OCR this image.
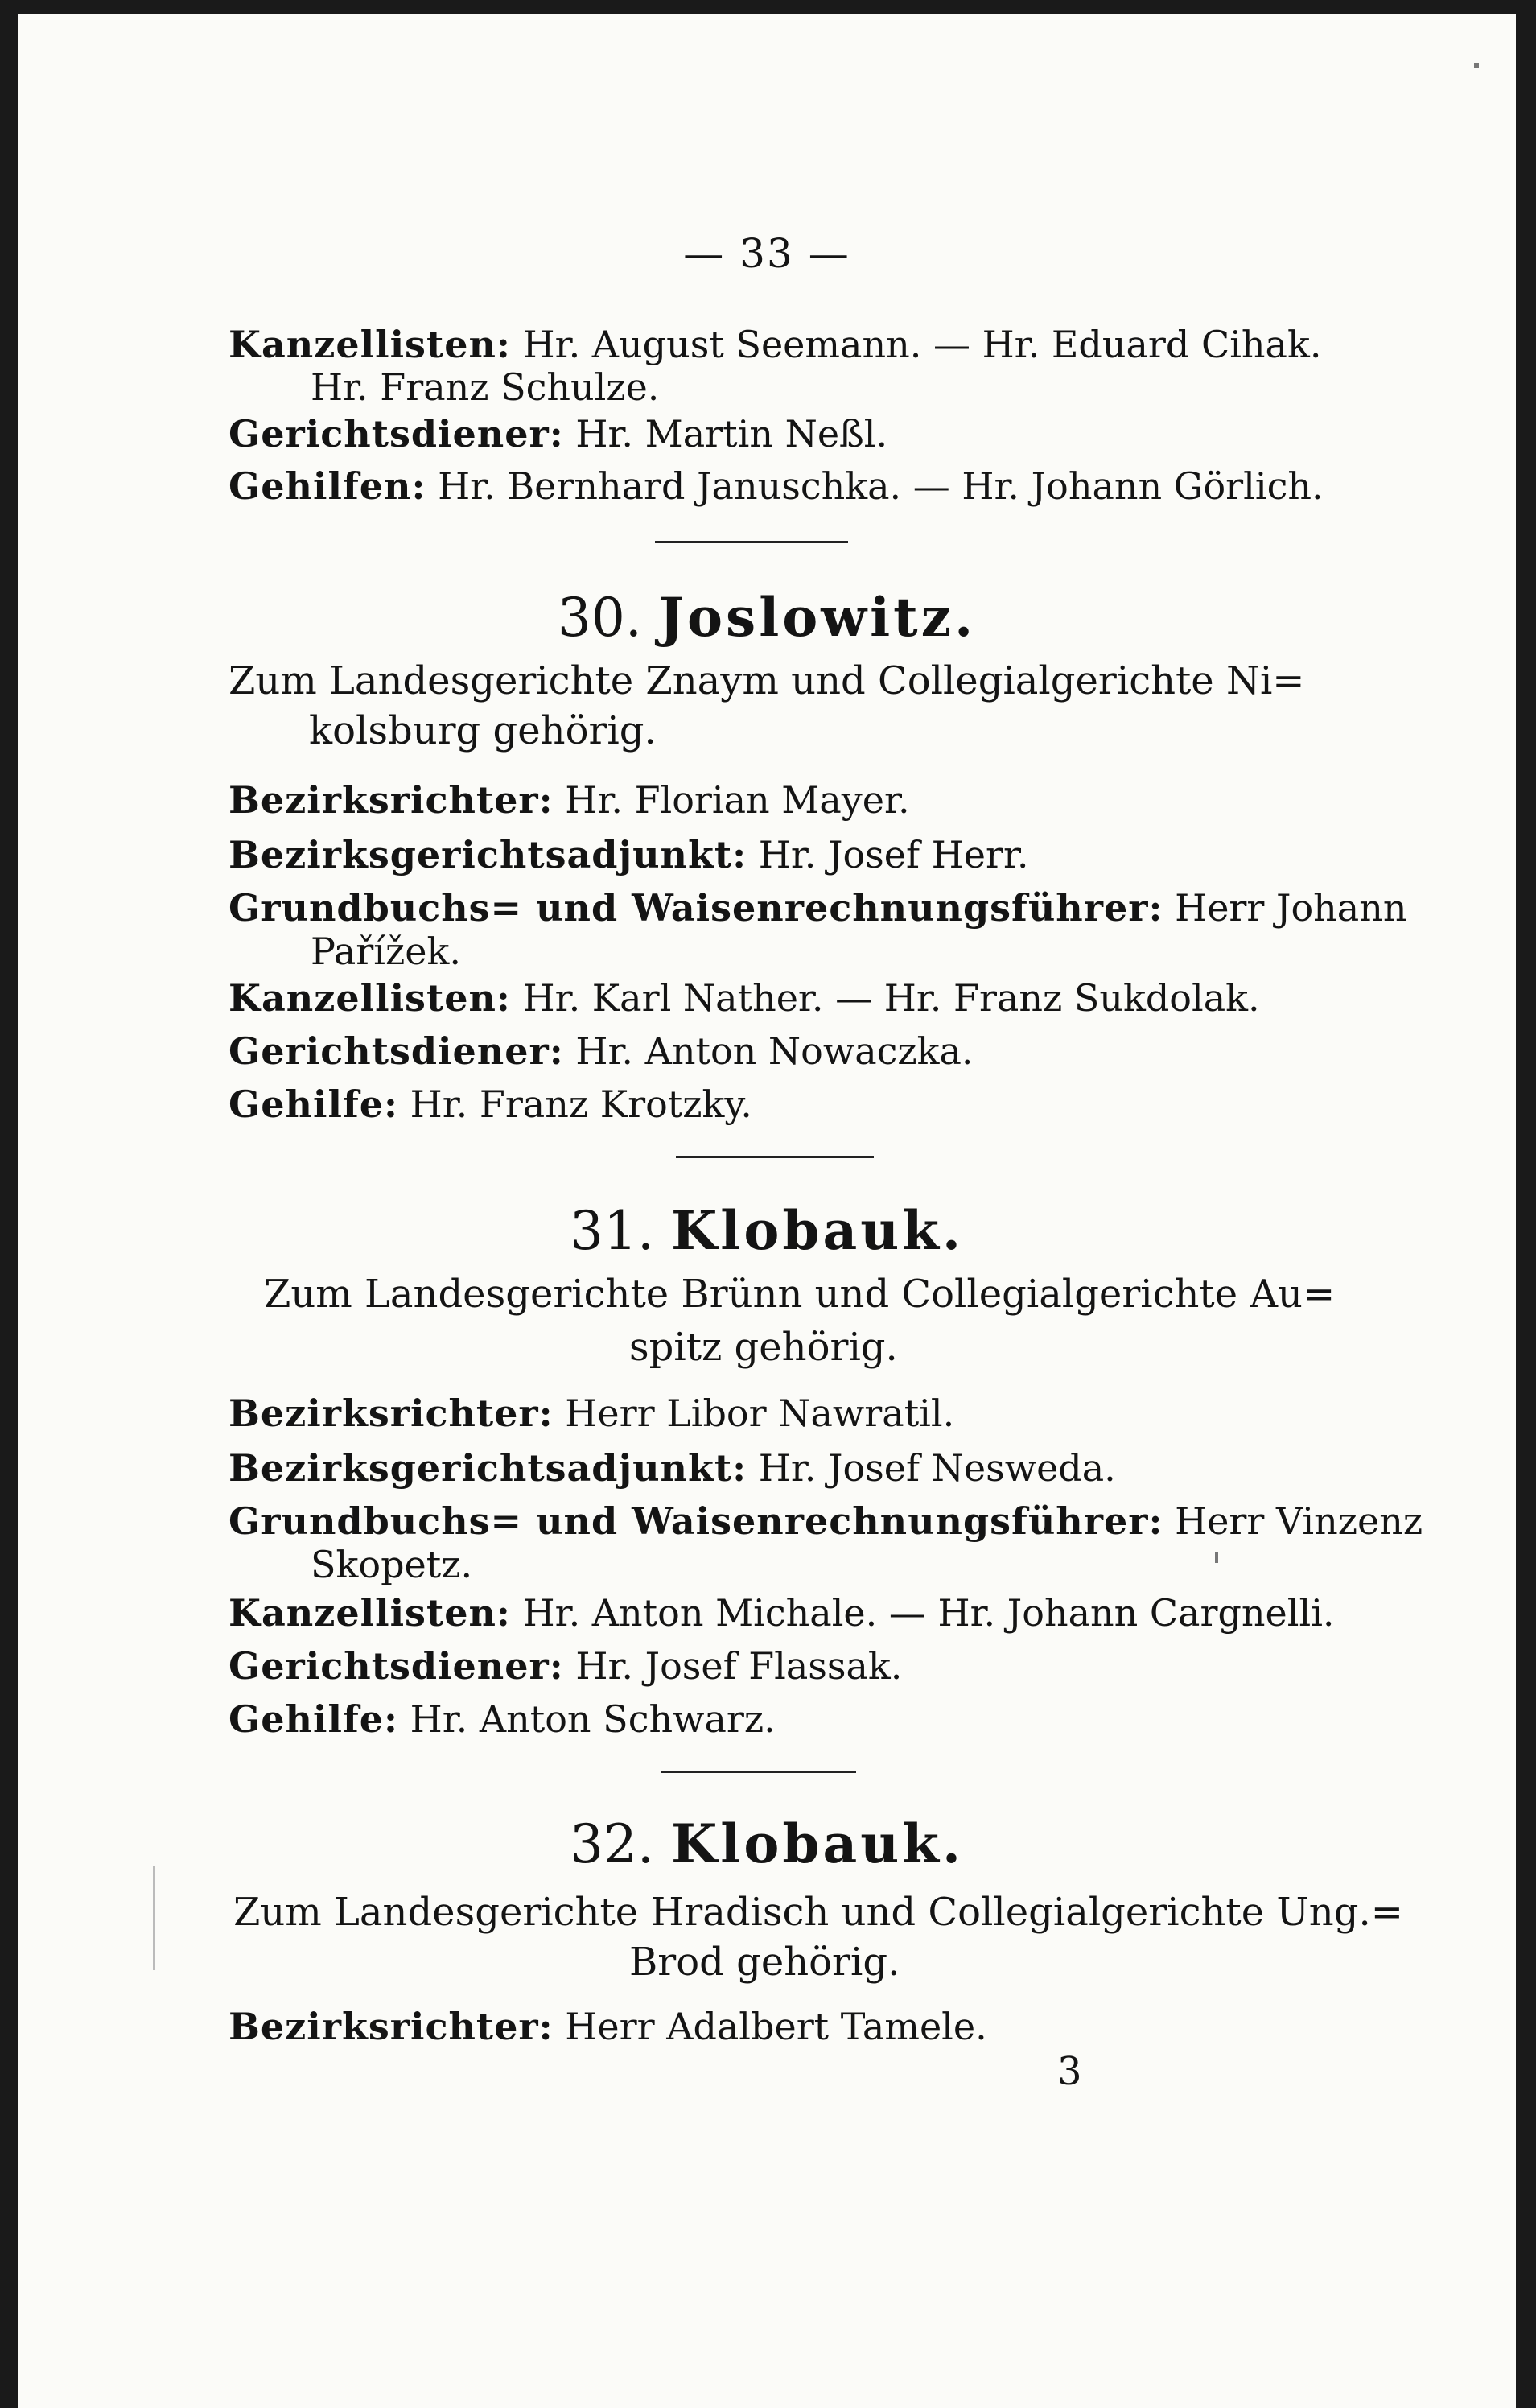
— 33 —
Kanzellisten: Hr. August Seemann. — Hr. Eduard Cihak.
Hr. Franz Schulze.
Gerichtsdiener: Hr. Martin Neßl.
Gehilfen: Hr. Bernhard Januschka. — Hr. Johann Görlich.
30. Joslowitz.
Zum Landesgerichte Znaym und Collegialgerichte Ni=
kolsburg gehörig.
Bezirksrichter: Hr. Florian Mayer.
Bezirksgerichtsadjunkt: Hr. Josef Herr.
Grundbuchs= und Waisenrechnungsführer: Herr Johann
Pařížek.
Kanzellisten: Hr. Karl Nather. — Hr. Franz Sukdolak.
Gerichtsdiener: Hr. Anton Nowaczka.
Gehilfe: Hr. Franz Krotzky.
31. Klobauk.
Zum Landesgerichte Brünn und Collegialgerichte Au=
spitz gehörig.
Bezirksrichter: Herr Libor Nawratil.
Bezirksgerichtsadjunkt: Hr. Josef Nesweda.
Grundbuchs= und Waisenrechnungsführer: Herr Vinzenz
Skopetz.
Kanzellisten: Hr. Anton Michale. — Hr. Johann Cargnelli.
Gerichtsdiener: Hr. Josef Flassak.
Gehilfe: Hr. Anton Schwarz.
32. Klobauk.
Zum Landesgerichte Hradisch und Collegialgerichte Ung.=
Brod gehörig.
Bezirksrichter: Herr Adalbert Tamele.
3
